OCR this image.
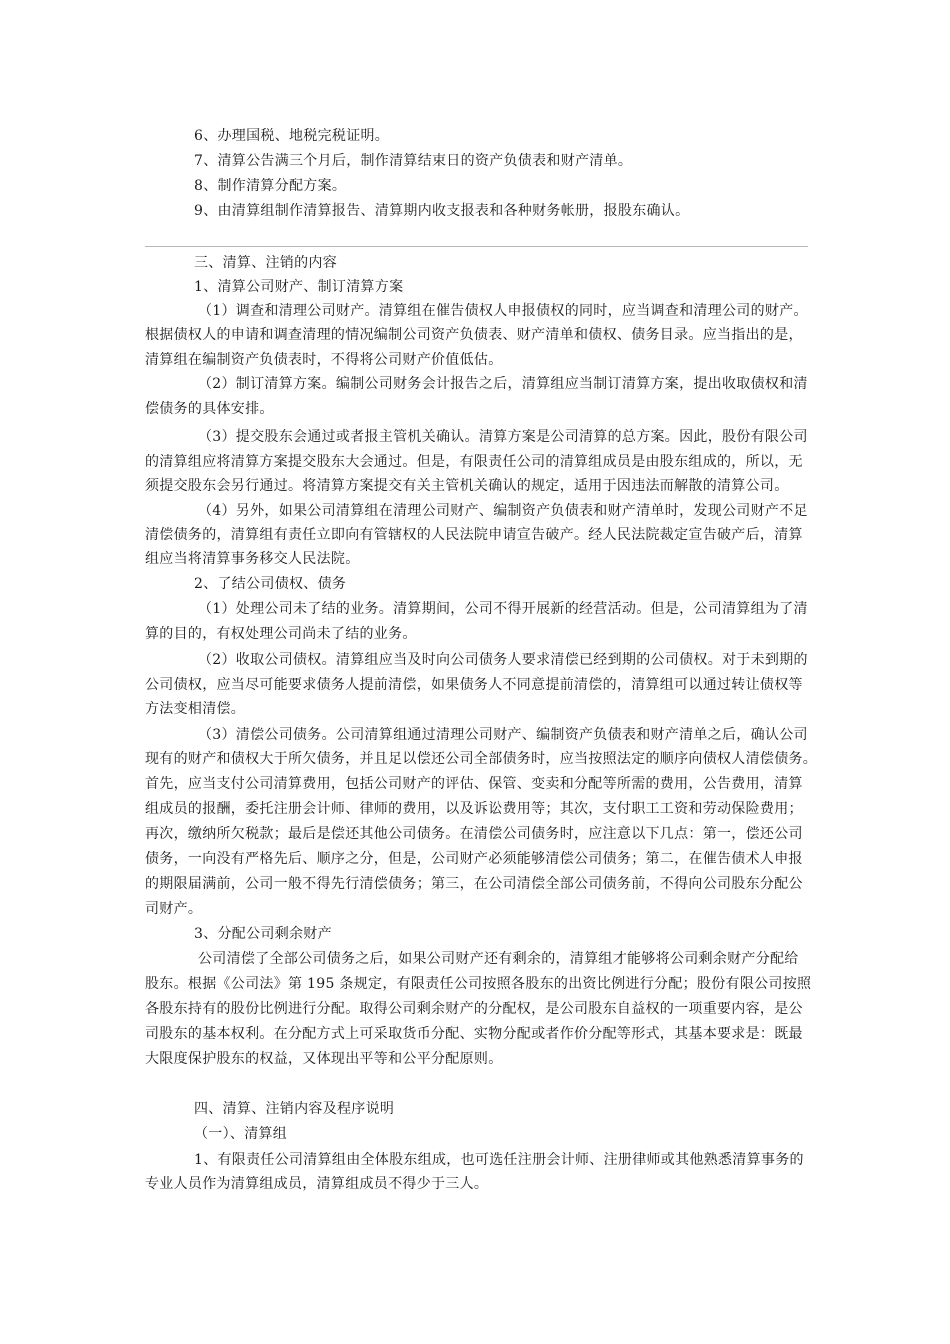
6、办理国税、地税完税证明。
7、清算公告满三个月后，制作清算结束日的资产负债表和财产清单。
8、制作清算分配方案。
9、由清算组制作清算报告、清算期内收支报表和各种财务帐册，报股东确认。
三、清算、注销的内容
1、清算公司财产、制订清算方案
（1）调查和清理公司财产。清算组在催告债权人申报债权的同时，应当调查和清理公司的财产。
根据债权人的申请和调查清理的情况编制公司资产负债表、财产清单和债权、债务目录。应当指出的是，
清算组在编制资产负债表时，不得将公司财产价值低估。
（2）制订清算方案。编制公司财务会计报告之后，清算组应当制订清算方案，提出收取债权和清
偿债务的具体安排。
（3）提交股东会通过或者报主管机关确认。清算方案是公司清算的总方案。因此，股份有限公司
的清算组应将清算方案提交股东大会通过。但是，有限责任公司的清算组成员是由股东组成的，所以，无
须提交股东会另行通过。将清算方案提交有关主管机关确认的规定，适用于因违法而解散的清算公司。
（4）另外，如果公司清算组在清理公司财产、编制资产负债表和财产清单时，发现公司财产不足
清偿债务的，清算组有责任立即向有管辖权的人民法院申请宣告破产。经人民法院裁定宣告破产后，清算
组应当将清算事务移交人民法院。
2、了结公司债权、债务
（1）处理公司未了结的业务。清算期间，公司不得开展新的经营活动。但是，公司清算组为了清
算的目的，有权处理公司尚未了结的业务。
（2）收取公司债权。清算组应当及时向公司债务人要求清偿已经到期的公司债权。对于未到期的
公司债权，应当尽可能要求债务人提前清偿，如果债务人不同意提前清偿的，清算组可以通过转让债权等
方法变相清偿。
（3）清偿公司债务。公司清算组通过清理公司财产、编制资产负债表和财产清单之后，确认公司
现有的财产和债权大于所欠债务，并且足以偿还公司全部债务时，应当按照法定的顺序向债权人清偿债务。
首先，应当支付公司清算费用，包括公司财产的评估、保管、变卖和分配等所需的费用，公告费用，清算
组成员的报酬，委托注册会计师、律师的费用，以及诉讼费用等；其次，支付职工工资和劳动保险费用；
再次，缴纳所欠税款；最后是偿还其他公司债务。在清偿公司债务时，应注意以下几点：第一，偿还公司
债务，一向没有严格先后、顺序之分，但是，公司财产必须能够清偿公司债务；第二，在催告债术人申报
的期限届满前，公司一般不得先行清偿债务；第三，在公司清偿全部公司债务前，不得向公司股东分配公
司财产。
3、分配公司剩余财产
公司清偿了全部公司债务之后，如果公司财产还有剩余的，清算组才能够将公司剩余财产分配给
股东。根据《公司法》第 195 条规定，有限责任公司按照各股东的出资比例进行分配；股份有限公司按照
各股东持有的股份比例进行分配。取得公司剩余财产的分配权，是公司股东自益权的一项重要内容，是公
司股东的基本权利。在分配方式上可采取货币分配、实物分配或者作价分配等形式，其基本要求是：既最
大限度保护股东的权益，又体现出平等和公平分配原则。
四、清算、注销内容及程序说明
（一）、清算组
1、有限责任公司清算组由全体股东组成，也可选任注册会计师、注册律师或其他熟悉清算事务的
专业人员作为清算组成员，清算组成员不得少于三人。
